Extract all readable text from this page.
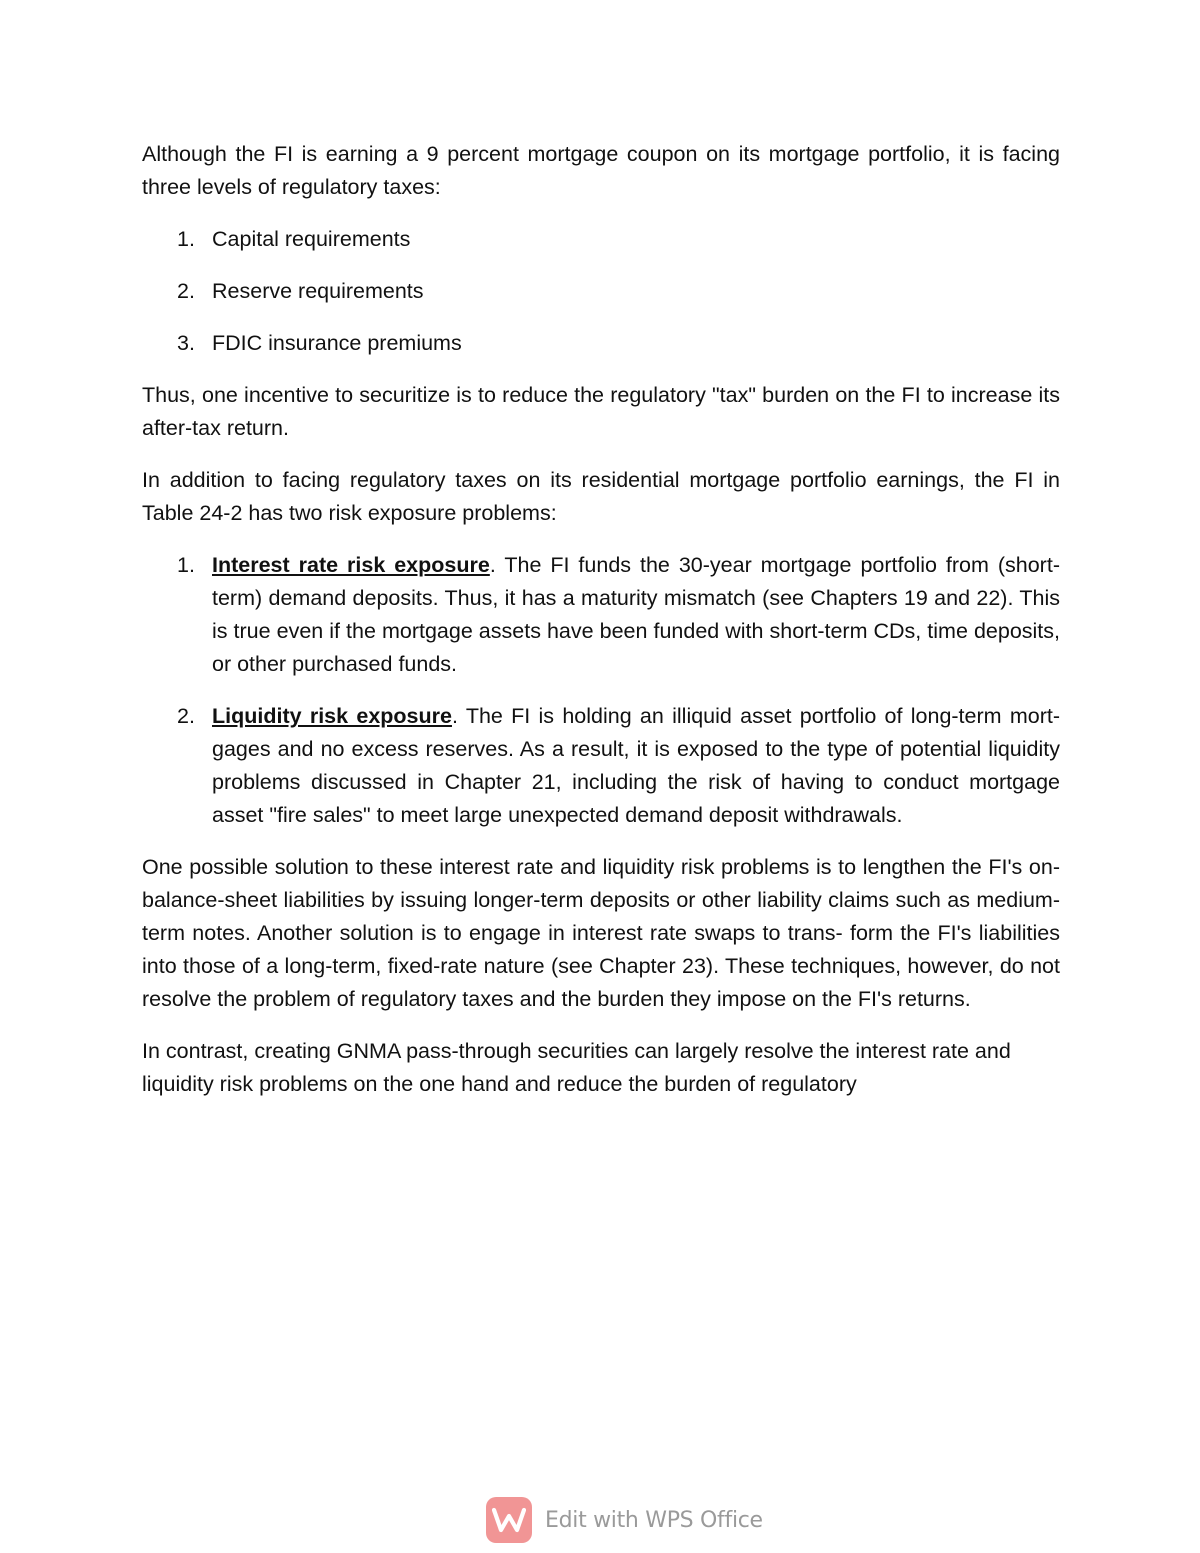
Although the FI is earning a 9 percent mortgage coupon on its mortgage portfolio, it is facing three levels of regulatory taxes:

1. Capital requirements
2. Reserve requirements
3. FDIC insurance premiums

Thus, one incentive to securitize is to reduce the regulatory "tax" burden on the FI to increase its after-tax return.

In addition to facing regulatory taxes on its residential mortgage portfolio earnings, the FI in Table 24-2 has two risk exposure problems:

1. Interest rate risk exposure. The FI funds the 30-year mortgage portfolio from (short-term) demand deposits. Thus, it has a maturity mismatch (see Chapters 19 and 22). This is true even if the mortgage assets have been funded with short-term CDs, time deposits, or other purchased funds.
2. Liquidity risk exposure. The FI is holding an illiquid asset portfolio of long-term mort- gages and no excess reserves. As a result, it is exposed to the type of potential liquidity problems discussed in Chapter 21, including the risk of having to conduct mortgage asset "fire sales" to meet large unexpected demand deposit withdrawals.

One possible solution to these interest rate and liquidity risk problems is to lengthen the FI's on-balance-sheet liabilities by issuing longer-term deposits or other liability claims such as medium-term notes. Another solution is to engage in interest rate swaps to trans- form the FI's liabilities into those of a long-term, fixed-rate nature (see Chapter 23). These techniques, however, do not resolve the problem of regulatory taxes and the burden they impose on the FI's returns.

In contrast, creating GNMA pass-through securities can largely resolve the interest rate and liquidity risk problems on the one hand and reduce the burden of regulatory

Edit with WPS Office
